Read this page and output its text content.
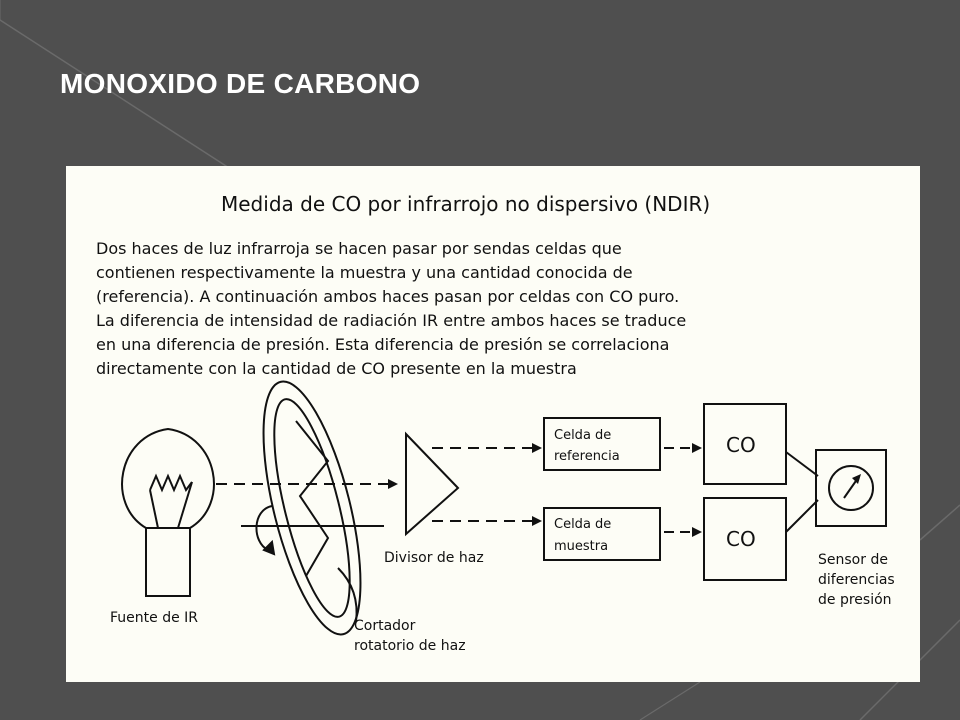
MONOXIDO DE CARBONO
Medida de CO por infrarrojo no dispersivo (NDIR)
Dos haces de luz infrarroja se hacen pasar por sendas celdas que
contienen respectivamente la muestra y una cantidad conocida de
(referencia). A continuación ambos haces pasan por celdas con CO puro.
La diferencia de intensidad de radiación IR entre ambos haces se traduce
en una diferencia de presión. Esta diferencia de presión se correlaciona
directamente con la cantidad de CO presente en la muestra
Fuente de IR	Cortador
rotatorio de haz
Divisor de haz
Celda de
referencia
Celda de
muestra
CO
CO
Sensor de
diferencias
de presión
